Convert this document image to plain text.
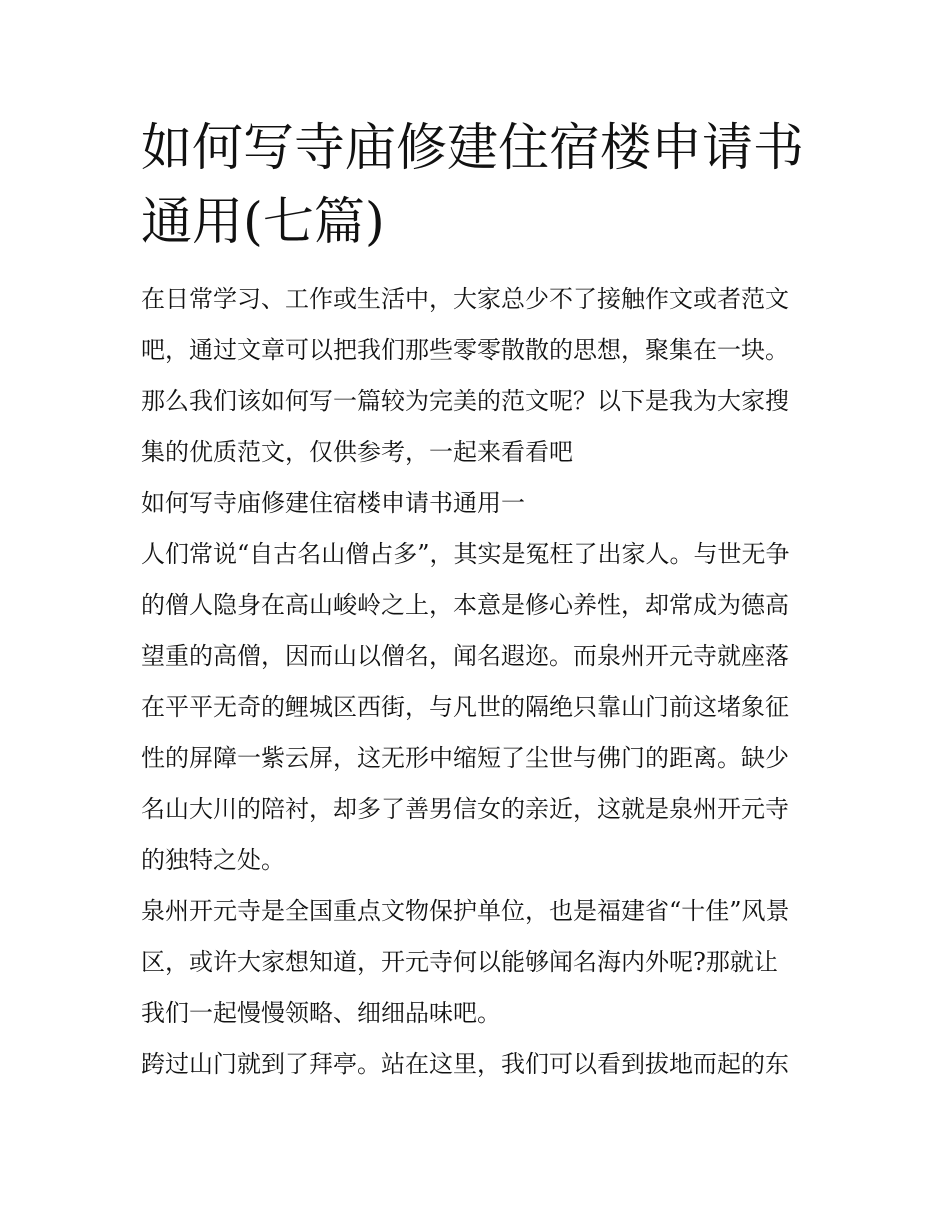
如何写寺庙修建住宿楼申请书
通用(七篇)
在日常学习、工作或生活中，大家总少不了接触作文或者范文
吧，通过文章可以把我们那些零零散散的思想，聚集在一块。
那么我们该如何写一篇较为完美的范文呢？以下是我为大家搜
集的优质范文，仅供参考，一起来看看吧
如何写寺庙修建住宿楼申请书通用一
人们常说“自古名山僧占多”，其实是冤枉了出家人。与世无争
的僧人隐身在高山峻岭之上，本意是修心养性，却常成为德高
望重的高僧，因而山以僧名，闻名遐迩。而泉州开元寺就座落
在平平无奇的鲤城区西街，与凡世的隔绝只靠山门前这堵象征
性的屏障一紫云屏，这无形中缩短了尘世与佛门的距离。缺少
名山大川的陪衬，却多了善男信女的亲近，这就是泉州开元寺
的独特之处。
泉州开元寺是全国重点文物保护单位，也是福建省“十佳”风景
区，或许大家想知道，开元寺何以能够闻名海内外呢?那就让
我们一起慢慢领略、细细品味吧。
跨过山门就到了拜亭。站在这里，我们可以看到拔地而起的东
